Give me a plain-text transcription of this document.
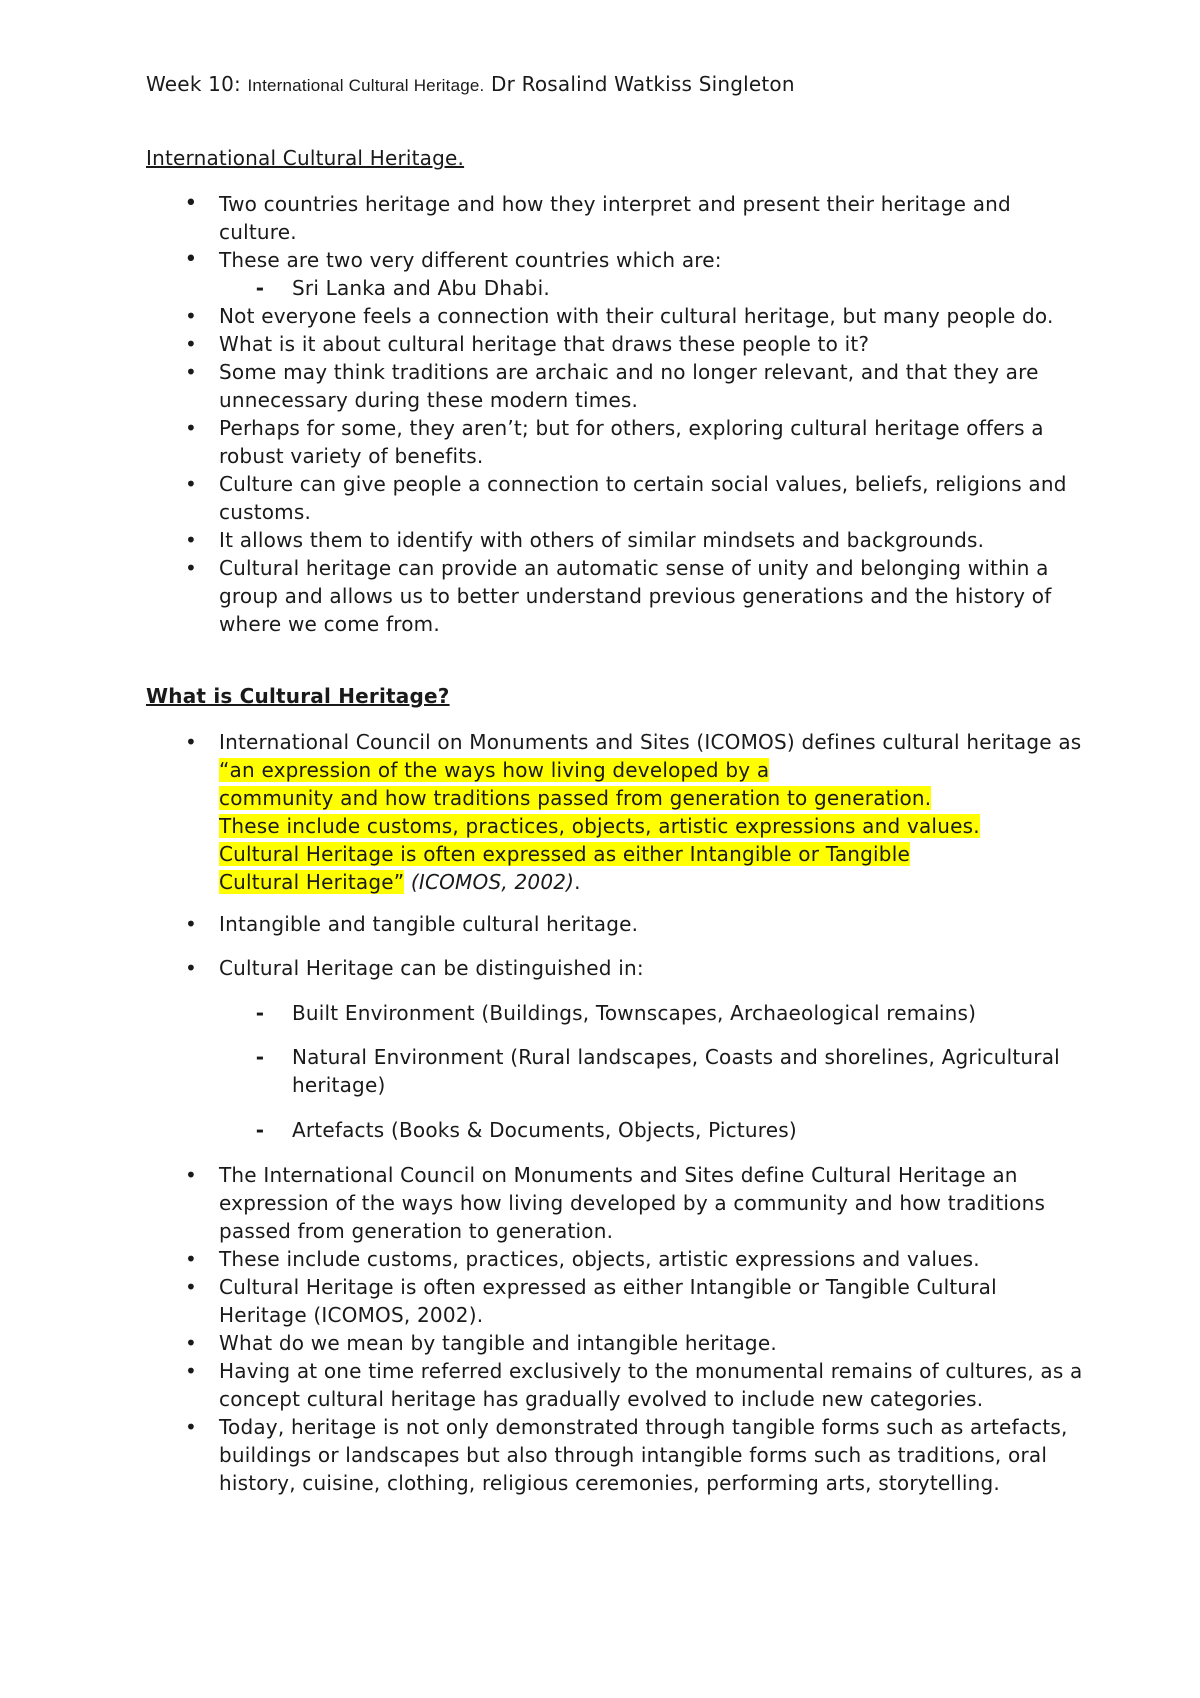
Week 10: International Cultural Heritage. Dr Rosalind Watkiss Singleton
International Cultural Heritage.
• Two countries heritage and how they interpret and present their heritage and culture.
• These are two very different countries which are:
- Sri Lanka and Abu Dhabi.
• Not everyone feels a connection with their cultural heritage, but many people do.
• What is it about cultural heritage that draws these people to it?
• Some may think traditions are archaic and no longer relevant, and that they are unnecessary during these modern times.
• Perhaps for some, they aren’t; but for others, exploring cultural heritage offers a robust variety of benefits.
• Culture can give people a connection to certain social values, beliefs, religions and customs.
• It allows them to identify with others of similar mindsets and backgrounds.
• Cultural heritage can provide an automatic sense of unity and belonging within a group and allows us to better understand previous generations and the history of where we come from.
What is Cultural Heritage?
• International Council on Monuments and Sites (ICOMOS) defines cultural heritage as “an expression of the ways how living developed by a
community and how traditions passed from generation to generation.
These include customs, practices, objects, artistic expressions and values.
Cultural Heritage is often expressed as either Intangible or Tangible
Cultural Heritage” (ICOMOS, 2002).
• Intangible and tangible cultural heritage.
• Cultural Heritage can be distinguished in:
- Built Environment (Buildings, Townscapes, Archaeological remains)
- Natural Environment (Rural landscapes, Coasts and shorelines, Agricultural heritage)
- Artefacts (Books & Documents, Objects, Pictures)
• The International Council on Monuments and Sites define Cultural Heritage an expression of the ways how living developed by a community and how traditions passed from generation to generation.
• These include customs, practices, objects, artistic expressions and values.
• Cultural Heritage is often expressed as either Intangible or Tangible Cultural Heritage (ICOMOS, 2002).
• What do we mean by tangible and intangible heritage.
• Having at one time referred exclusively to the monumental remains of cultures, as a concept cultural heritage has gradually evolved to include new categories.
• Today, heritage is not only demonstrated through tangible forms such as artefacts, buildings or landscapes but also through intangible forms such as traditions, oral history, cuisine, clothing, religious ceremonies, performing arts, storytelling.
